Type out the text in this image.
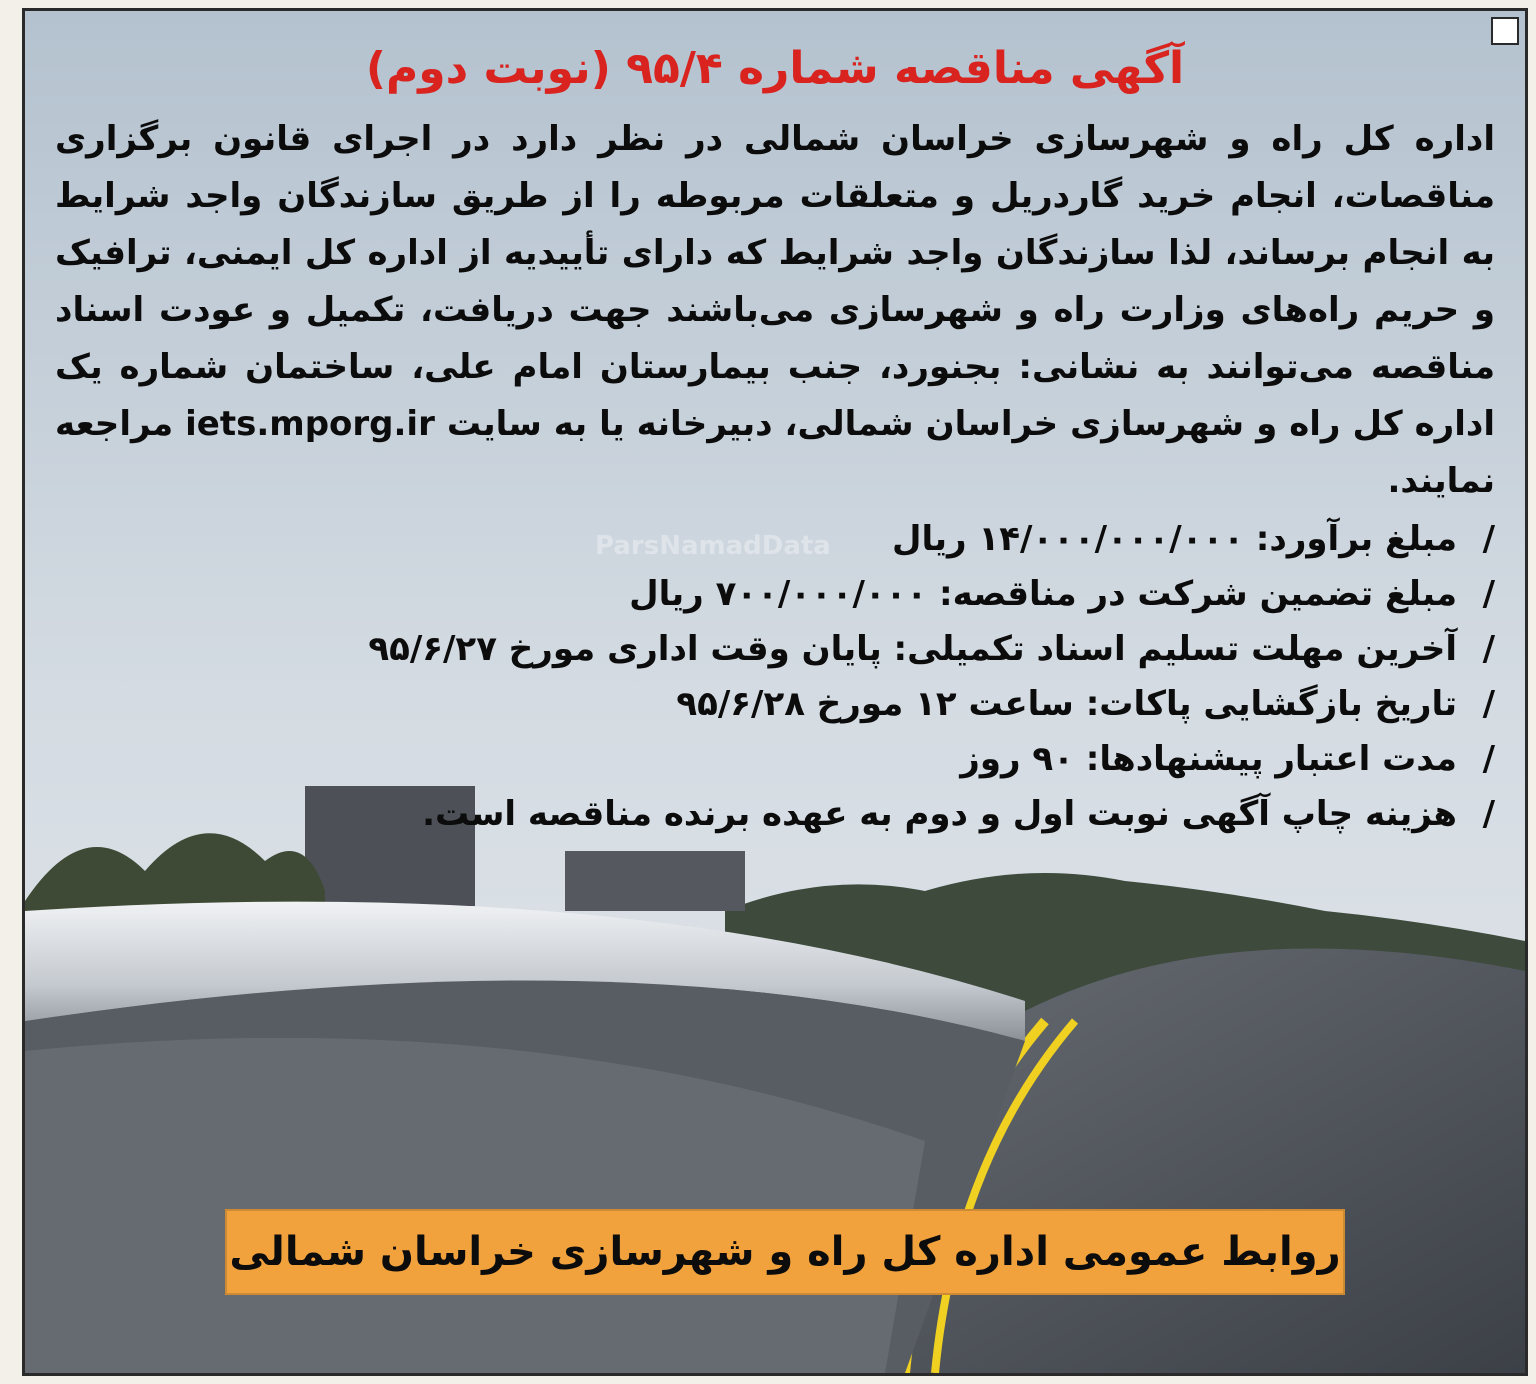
آگهی مناقصه شماره ۹۵/۴ (نوبت دوم)

اداره کل راه و شهرسازی خراسان شمالی در نظر دارد در اجرای قانون برگزاری مناقصات، انجام خرید گاردریل و متعلقات مربوطه را از طریق سازندگان واجد شرایط به انجام برساند، لذا سازندگان واجد شرایط که دارای تأییدیه از اداره کل ایمنی، ترافیک و حریم راه‌های وزارت راه و شهرسازی می‌باشند جهت دریافت، تکمیل و عودت اسناد مناقصه می‌توانند به نشانی: بجنورد، جنب بیمارستان امام علی، ساختمان شماره یک اداره کل راه و شهرسازی خراسان شمالی، دبیرخانه یا به سایت iets.mporg.ir مراجعه نمایند.

/
مبلغ برآورد: ۱۴/۰۰۰/۰۰۰/۰۰۰ ریال
/
مبلغ تضمین شرکت در مناقصه: ۷۰۰/۰۰۰/۰۰۰ ریال
/
آخرین مهلت تسلیم اسناد تکمیلی: پایان وقت اداری مورخ ۹۵/۶/۲۷
/
تاریخ بازگشایی پاکات: ساعت ۱۲ مورخ ۹۵/۶/۲۸
/
مدت اعتبار پیشنهادها: ۹۰ روز
/
هزینه چاپ آگهی نوبت اول و دوم به عهده برنده مناقصه است.
ParsNamadData
روابط عمومی اداره کل راه و شهرسازی خراسان شمالی
